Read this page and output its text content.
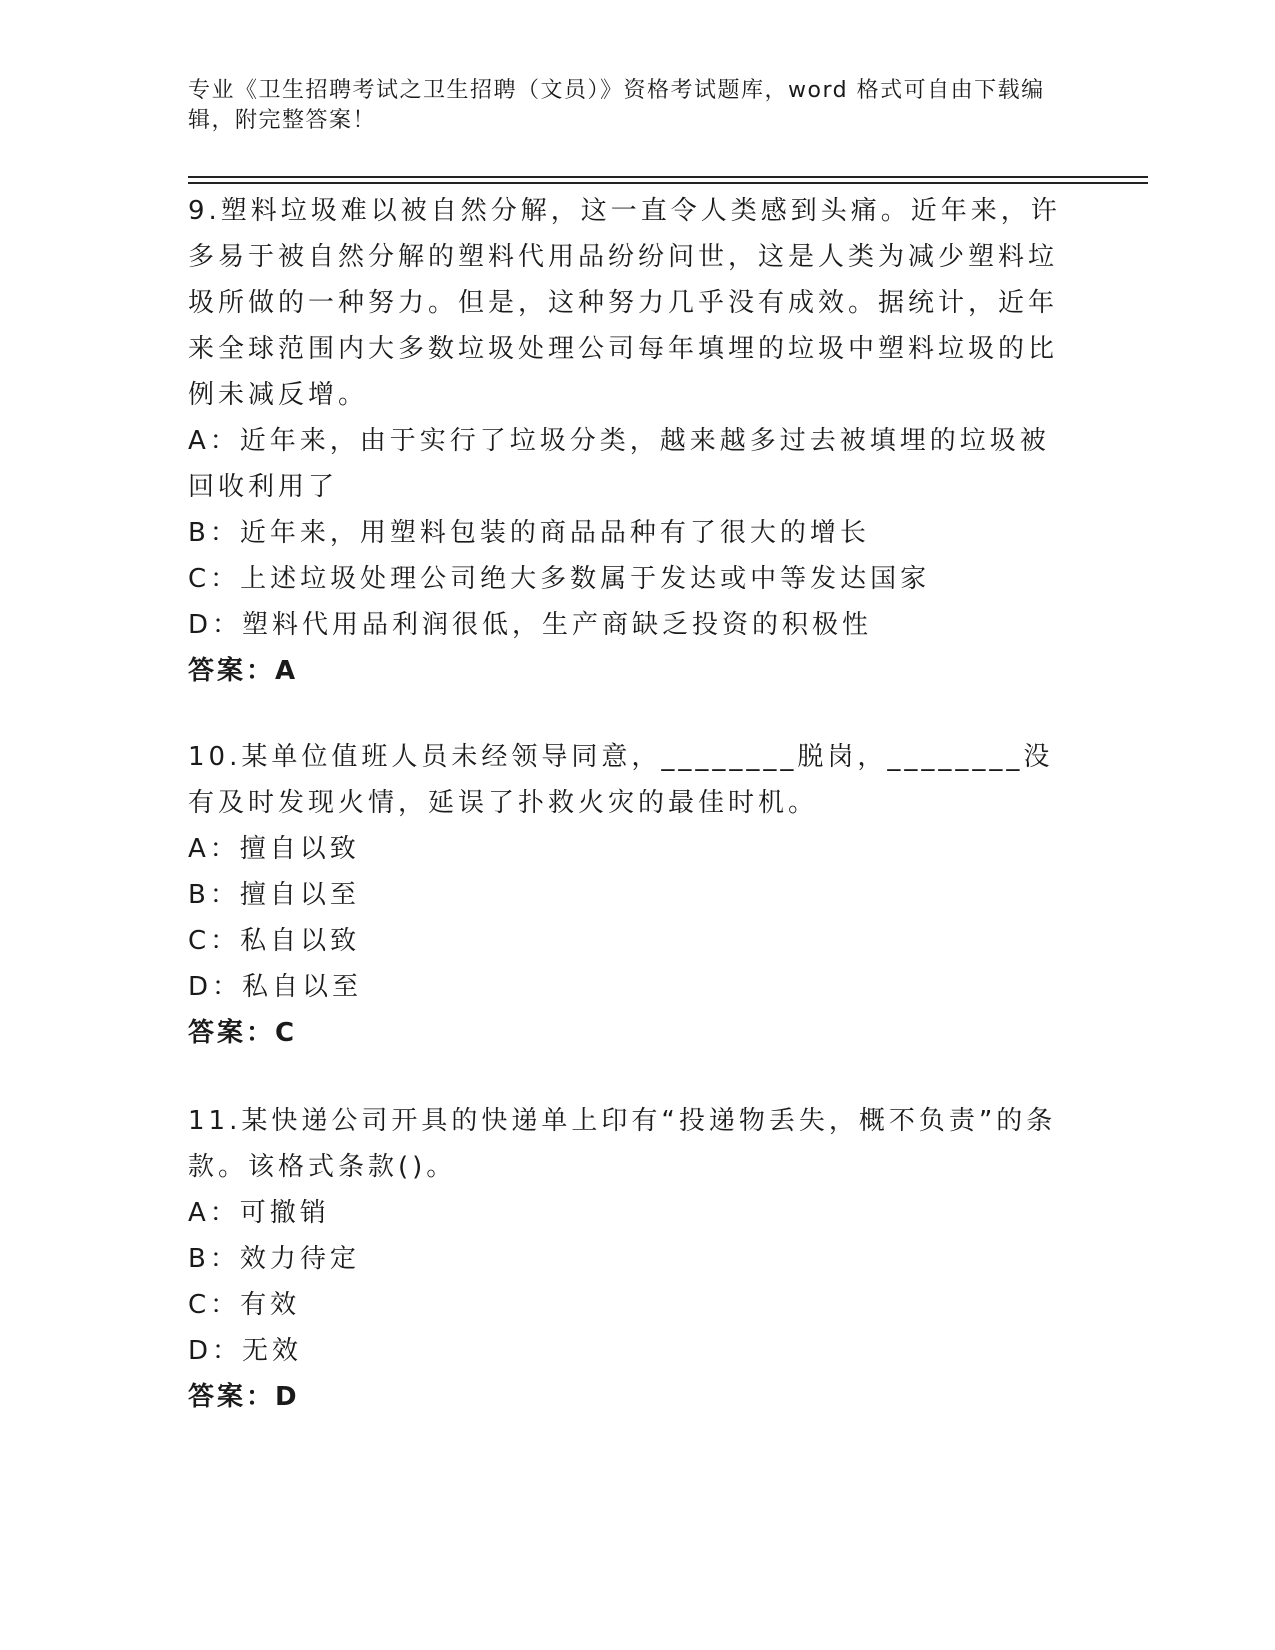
专业《卫生招聘考试之卫生招聘（文员）》资格考试题库，word 格式可自由下载编辑，附完整答案！

9.塑料垃圾难以被自然分解，这一直令人类感到头痛。近年来，许多易于被自然分解的塑料代用品纷纷问世，这是人类为减少塑料垃圾所做的一种努力。但是，这种努力几乎没有成效。据统计，近年来全球范围内大多数垃圾处理公司每年填埋的垃圾中塑料垃圾的比例未减反增。

A：近年来，由于实行了垃圾分类，越来越多过去被填埋的垃圾被回收利用了

B：近年来，用塑料包装的商品品种有了很大的增长

C：上述垃圾处理公司绝大多数属于发达或中等发达国家

D：塑料代用品利润很低，生产商缺乏投资的积极性

答案：A

10.某单位值班人员未经领导同意，________脱岗，________没有及时发现火情，延误了扑救火灾的最佳时机。

A：擅自以致

B：擅自以至

C：私自以致

D：私自以至

答案：C

11.某快递公司开具的快递单上印有“投递物丢失，概不负责”的条款。该格式条款()。

A：可撤销

B：效力待定

C：有效

D：无效

答案：D
